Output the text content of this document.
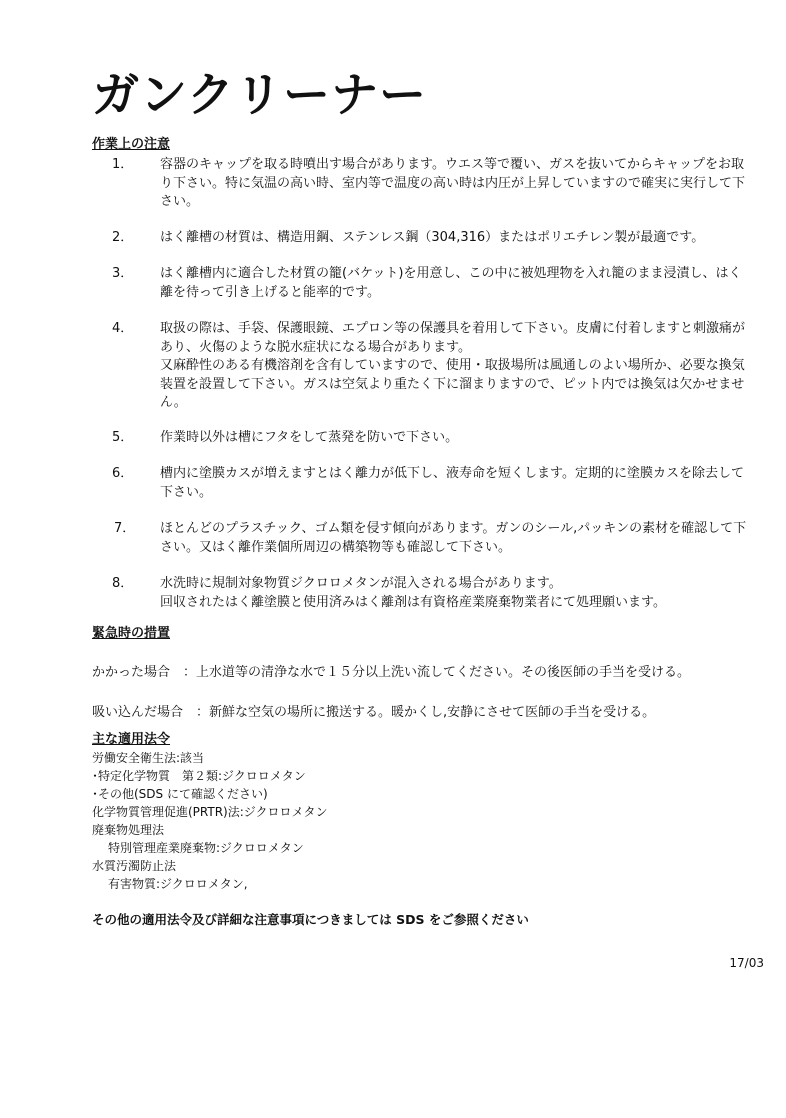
ガンクリーナー
作業上の注意
1． 容器のキャップを取る時噴出す場合があります。ウエス等で覆い、ガスを抜いてからキャップをお取り下さい。特に気温の高い時、室内等で温度の高い時は内圧が上昇していますので確実に実行して下さい。

2． はく離槽の材質は、構造用鋼、ステンレス鋼（304,316）またはポリエチレン製が最適です。

3． はく離槽内に適合した材質の籠(バケット)を用意し、この中に被処理物を入れ籠のまま浸漬し、はく離を待って引き上げると能率的です。

4． 取扱の際は、手袋、保護眼鏡、エプロン等の保護具を着用して下さい。皮膚に付着しますと刺激痛があり、火傷のような脱水症状になる場合があります。

又麻酔性のある有機溶剤を含有していますので、使用・取扱場所は風通しのよい場所か、必要な換気装置を設置して下さい。ガスは空気より重たく下に溜まりますので、ピット内では換気は欠かせません。

5． 作業時以外は槽にフタをして蒸発を防いで下さい。

6． 槽内に塗膜カスが増えますとはく離力が低下し、液寿命を短くします。定期的に塗膜カスを除去して下さい。

7． ほとんどのプラスチック、ゴム類を侵す傾向があります。ガンのシール,パッキンの素材を確認して下さい。又はく離作業個所周辺の構築物等も確認して下さい。

8． 水洗時に規制対象物質ジクロロメタンが混入される場合があります。

回収されたはく離塗膜と使用済みはく離剤は有資格産業廃棄物業者にて処理願います。

緊急時の措置
かかった場合　：上水道等の清浄な水で１５分以上洗い流してください。その後医師の手当を受ける。
吸い込んだ場合　：新鮮な空気の場所に搬送する。暖かくし,安静にさせて医師の手当を受ける。
主な適用法令
労働安全衛生法:該当
･特定化学物質　第２類:ジクロロメタン
･その他(SDS にて確認ください)
化学物質管理促進(PRTR)法:ジクロロメタン
廃棄物処理法
特別管理産業廃棄物:ジクロロメタン
水質汚濁防止法
有害物質:ジクロロメタン,
その他の適用法令及び詳細な注意事項につきましては SDS をご参照ください
17/03
